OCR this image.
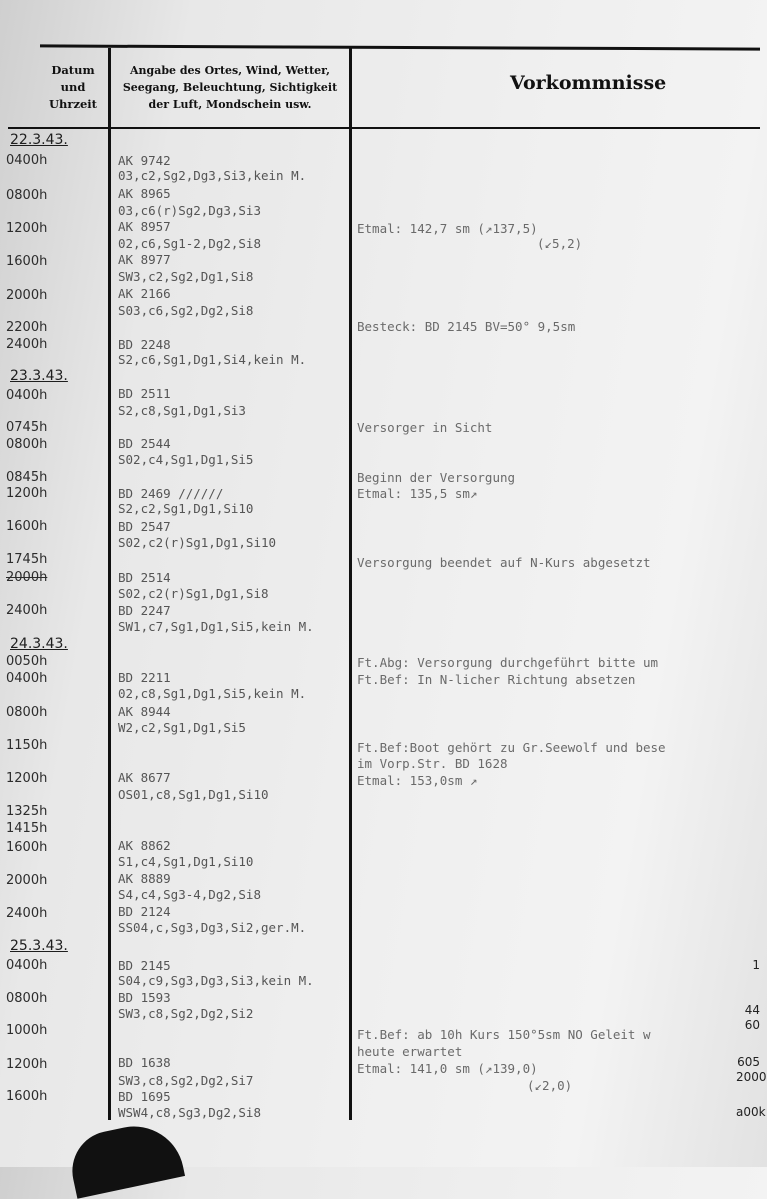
Datum
und
Uhrzeit
Angabe des Ortes, Wind, Wetter,
Seegang, Beleuchtung, Sichtigkeit
der Luft, Mondschein usw.
Vorkommnisse
22.3.43.
0400h
0800h
1200h
1600h
2000h
2200h
2400h
23.3.43.
0400h
0745h
0800h
0845h
1200h
1600h
1745h
2000h
2400h
24.3.43.
0050h
0400h
0800h
1150h
1200h
1325h
1415h
1600h
2000h
2400h
25.3.43.
0400h
0800h
1000h
1200h
1600h
AK 9742
03,c2,Sg2,Dg3,Si3,kein M.
AK 8965
03,c6(r)Sg2,Dg3,Si3
AK 8957
02,c6,Sg1-2,Dg2,Si8
AK 8977
SW3,c2,Sg2,Dg1,Si8
AK 2166
S03,c6,Sg2,Dg2,Si8
BD 2248
S2,c6,Sg1,Dg1,Si4,kein M.
BD 2511
S2,c8,Sg1,Dg1,Si3
BD 2544
S02,c4,Sg1,Dg1,Si5
BD 2469 //////
S2,c2,Sg1,Dg1,Si10
BD 2547
S02,c2(r)Sg1,Dg1,Si10
BD 2514
S02,c2(r)Sg1,Dg1,Si8
BD 2247
SW1,c7,Sg1,Dg1,Si5,kein M.
BD 2211
02,c8,Sg1,Dg1,Si5,kein M.
AK 8944
W2,c2,Sg1,Dg1,Si5
AK 8677
OS01,c8,Sg1,Dg1,Si10
AK 8862
S1,c4,Sg1,Dg1,Si10
AK 8889
S4,c4,Sg3-4,Dg2,Si8
BD 2124
SS04,c,Sg3,Dg3,Si2,ger.M.
BD 2145
S04,c9,Sg3,Dg3,Si3,kein M.
BD 1593
SW3,c8,Sg2,Dg2,Si2
BD 1638
SW3,c8,Sg2,Dg2,Si7
BD 1695
WSW4,c8,Sg3,Dg2,Si8
Etmal: 142,7 sm (↗137,5)
(↙5,2)
Besteck: BD 2145 BV=50° 9,5sm
Versorger in Sicht
Beginn der Versorgung
Etmal: 135,5 sm↗
Versorgung beendet auf N-Kurs abgesetzt
Ft.Abg: Versorgung durchgeführt bitte um
Ft.Bef: In N-licher Richtung absetzen
Ft.Bef:Boot gehört zu Gr.Seewolf und bese
im Vorp.Str. BD 1628
Etmal: 153,0sm ↗
Ft.Bef: ab 10h Kurs 150°5sm NO Geleit w
heute erwartet
Etmal: 141,0 sm (↗139,0)
(↙2,0)
1
44
60
605
2000
a00k
